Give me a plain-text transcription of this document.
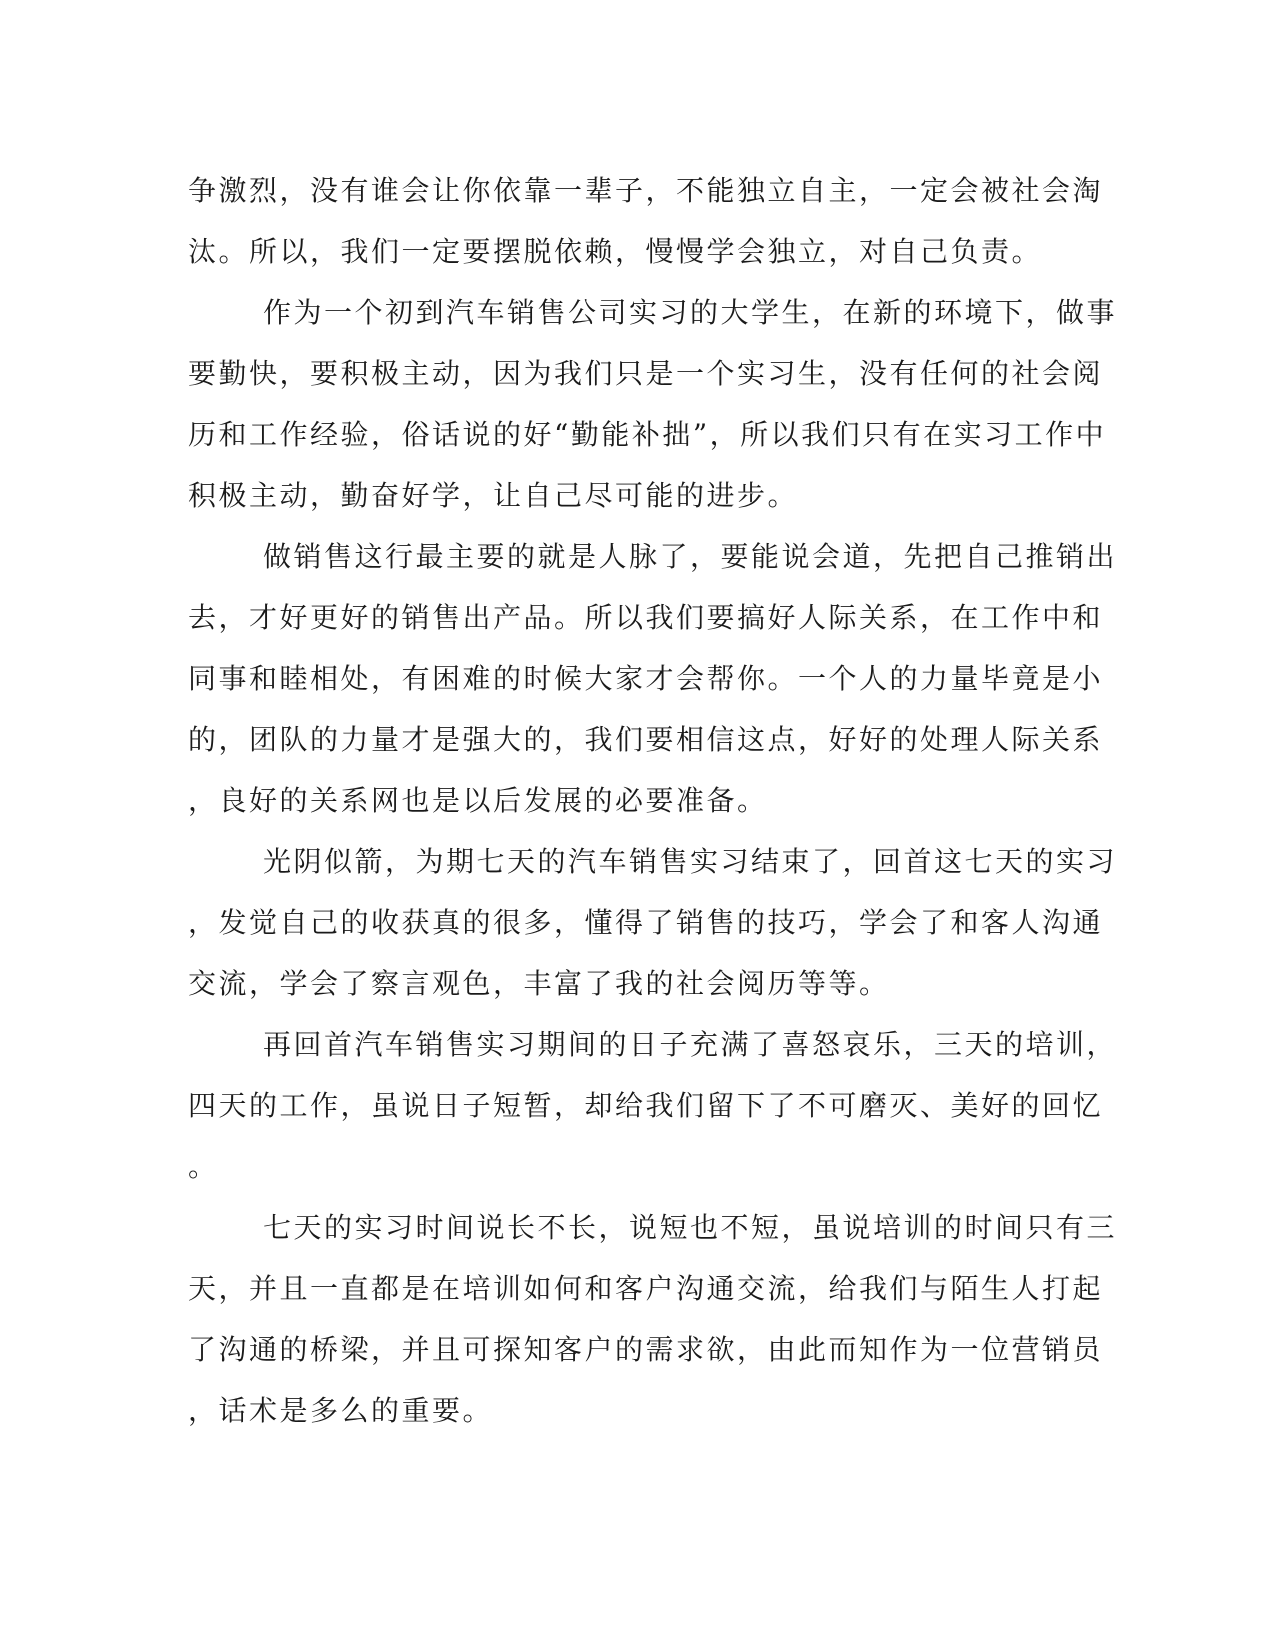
争激烈，没有谁会让你依靠一辈子，不能独立自主，一定会被社会淘
汰。所以，我们一定要摆脱依赖，慢慢学会独立，对自己负责。
作为一个初到汽车销售公司实习的大学生，在新的环境下，做事
要勤快，要积极主动，因为我们只是一个实习生，没有任何的社会阅
历和工作经验，俗话说的好“勤能补拙”，所以我们只有在实习工作中
积极主动，勤奋好学，让自己尽可能的进步。
做销售这行最主要的就是人脉了，要能说会道，先把自己推销出
去，才好更好的销售出产品。所以我们要搞好人际关系，在工作中和
同事和睦相处，有困难的时候大家才会帮你。一个人的力量毕竟是小
的，团队的力量才是强大的，我们要相信这点，好好的处理人际关系
，良好的关系网也是以后发展的必要准备。
光阴似箭，为期七天的汽车销售实习结束了，回首这七天的实习
，发觉自己的收获真的很多，懂得了销售的技巧，学会了和客人沟通
交流，学会了察言观色，丰富了我的社会阅历等等。
再回首汽车销售实习期间的日子充满了喜怒哀乐，三天的培训，
四天的工作，虽说日子短暂，却给我们留下了不可磨灭、美好的回忆
。
七天的实习时间说长不长，说短也不短，虽说培训的时间只有三
天，并且一直都是在培训如何和客户沟通交流，给我们与陌生人打起
了沟通的桥梁，并且可探知客户的需求欲，由此而知作为一位营销员
，话术是多么的重要。
